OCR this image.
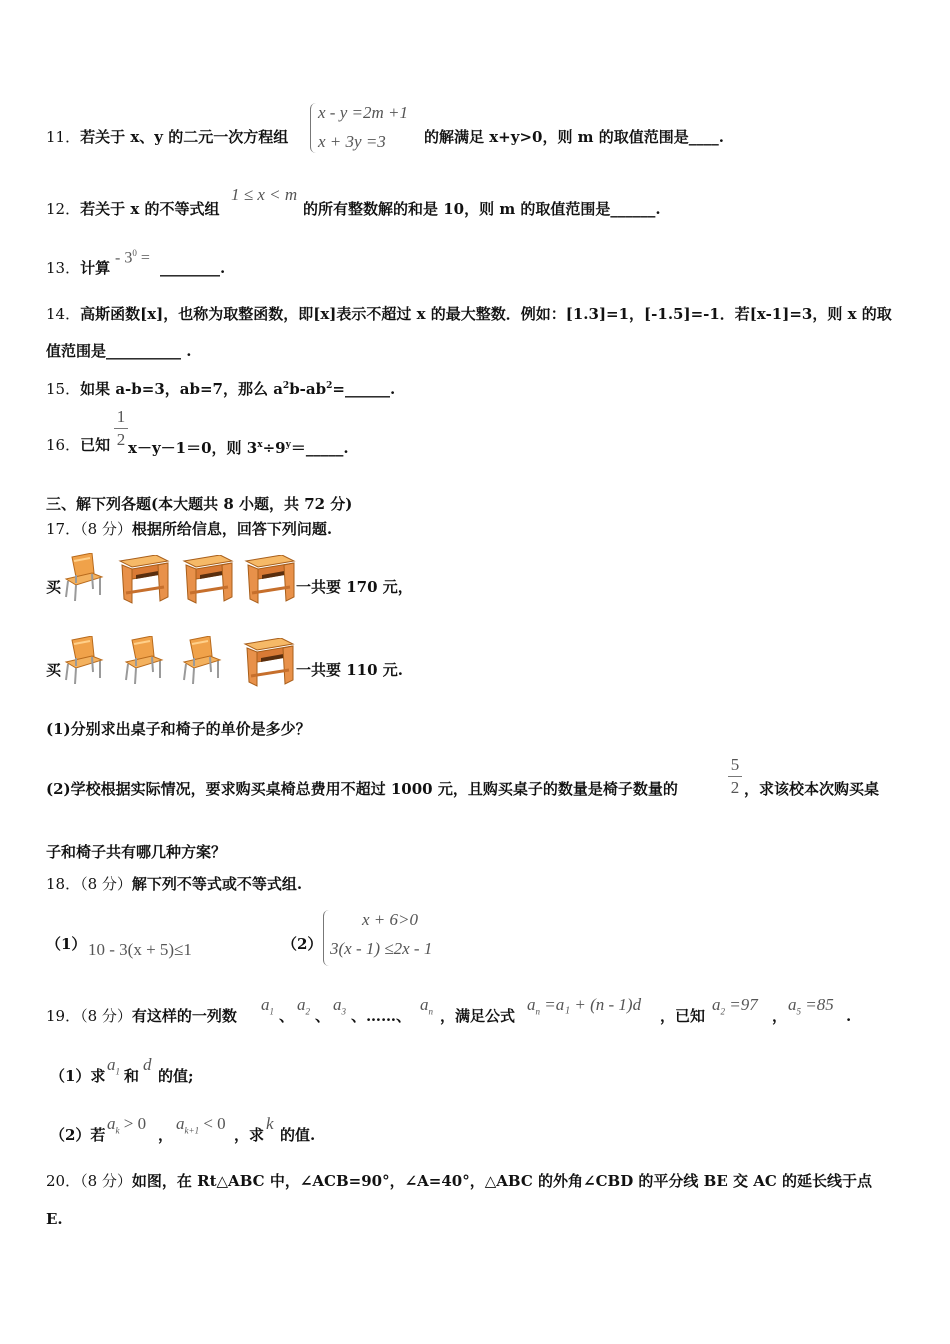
11．若关于 x、y 的二元一次方程组
x - y =2m +1
x + 3y =3	的解满足 x+y>0，则 m 的取值范围是____.
12．若关于 x 的不等式组
1 ≤ x < m
的所有整数解的和是 10，则 m 的取值范围是______.
13．计算
- $3^0$ =
________.
14．高斯函数[x]，也称为取整函数，即[x]表示不超过 x 的最大整数．例如：[1.3]=1，[-1.5]=-1．若[x-1]=3，则 x 的取
值范围是__________ .
15．如果 a-b=3，ab=7，那么 $a^2b-ab^2=\_\_\_\_\_\_$.
16．已知
1
2 x－y－1＝0，则 $3^x\div 9^y=\_\_\_\_\_$.
三、解下列各题(本大题共 8 小题，共 72 分)
17．（8 分）根据所给信息，回答下列问题.
买	一共要 170 元，
买	一共要 110 元.
(1)分别求出桌子和椅子的单价是多少？
(2)学校根据实际情况，要求购买桌椅总费用不超过 1000 元，且购买桌子的数量是椅子数量的
5
2 ，求该校本次购买桌
子和椅子共有哪几种方案？
18．（8 分）解下列不等式或不等式组.
（1） 10 - 3(x + 5)≤1	（2）
x + 6>0
3(x - 1) ≤2x - 1
19．（8 分）有这样的一列数
$a_1$ 、
$a_2$ 、
$a_3$ 、……、
$a_n$ ，满足公式
$a_n =a_1 + (n - 1)d$
，已知
$a_2 =97$
，
$a_5 =85$
.
（1）求
$a_1$ 和
d
的值;
（2）若
$a_k > 0$
，
$a_{k+1} < 0$
，求
k
的值.
20．（8 分）如图，在 Rt△ABC 中，∠ACB=90°，∠A=40°，△ABC 的外角∠CBD 的平分线 BE 交 AC 的延长线于点
E.
